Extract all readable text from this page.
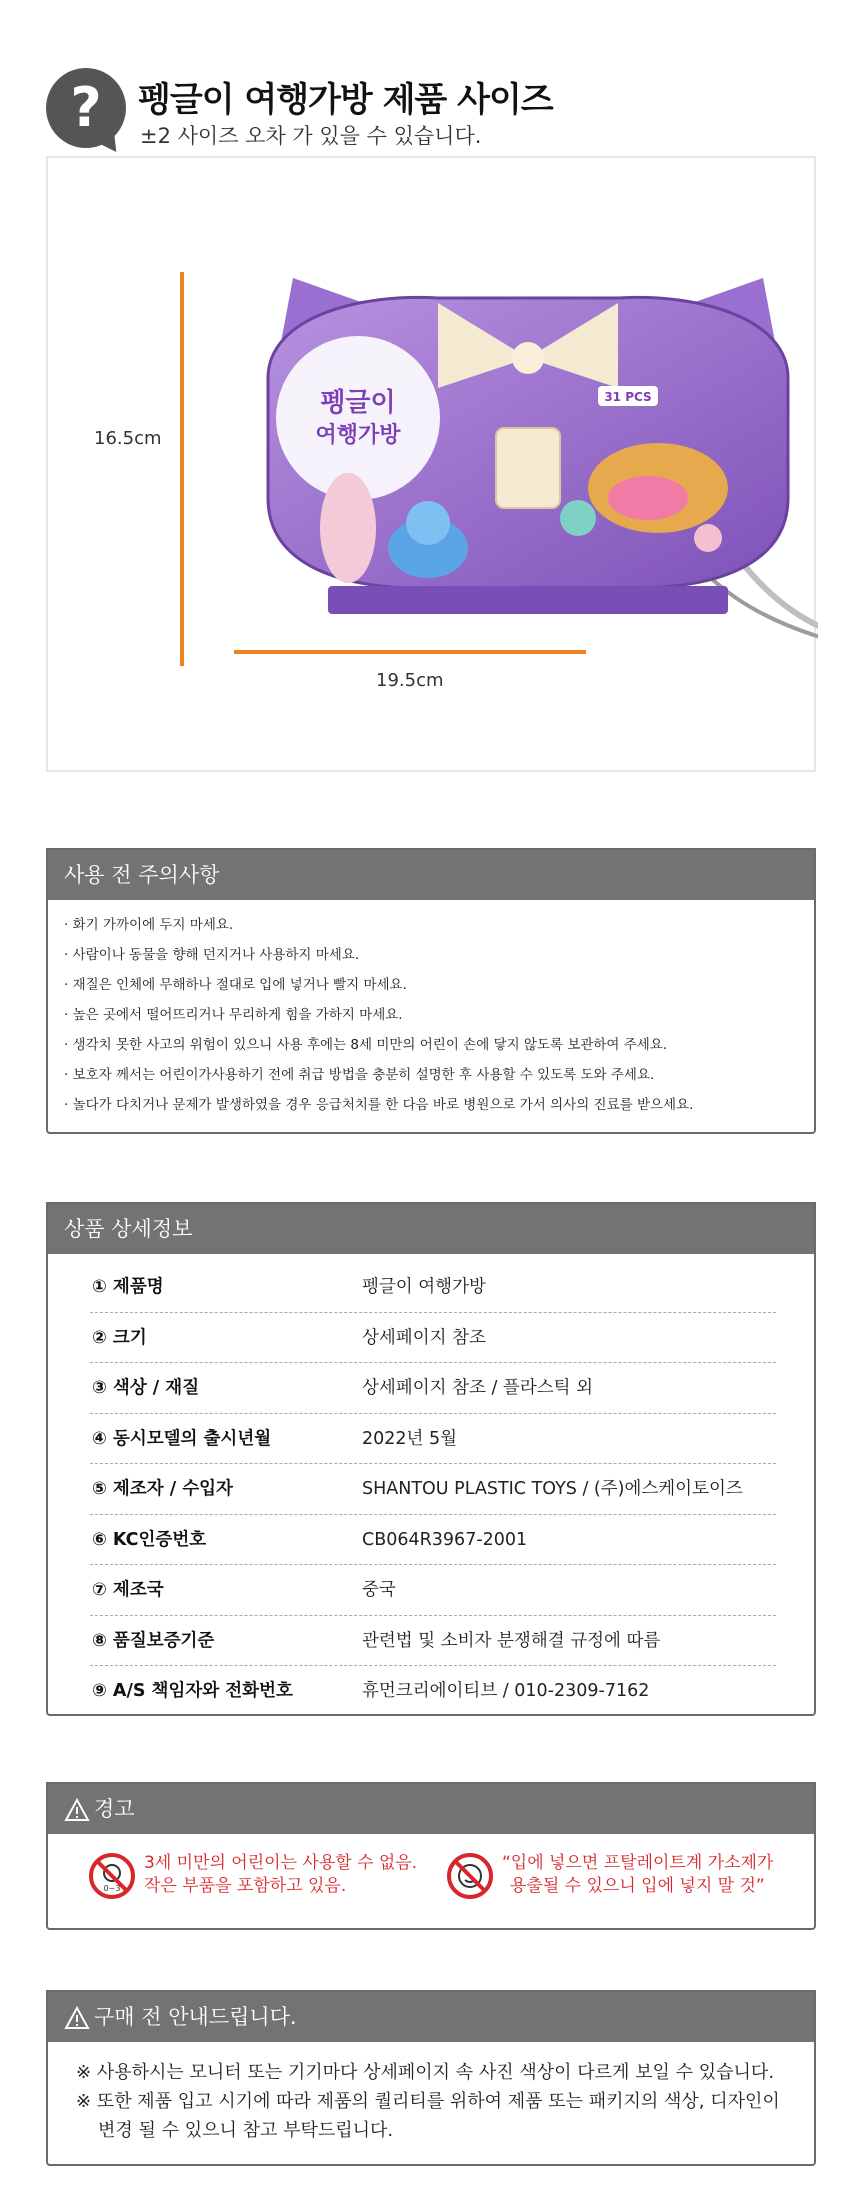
?	펭글이 여행가방 제품 사이즈
±2 사이즈 오차 가 있을 수 있습니다.
16.5cm
19.5cm
펭글이
여행가방
31 PCS
사용 전 주의사항
· 화기 가까이에 두지 마세요.
· 사람이나 동물을 향해 던지거나 사용하지 마세요.
· 재질은 인체에 무해하나 절대로 입에 넣거나 빨지 마세요.
· 높은 곳에서 떨어뜨리거나 무리하게 힘을 가하지 마세요.
· 생각치 못한 사고의 위험이 있으니 사용 후에는 8세 미만의 어린이 손에 닿지 않도록 보관하여 주세요.
· 보호자 께서는 어린이가사용하기 전에 취급 방법을 충분히 설명한 후 사용할 수 있도록 도와 주세요.
· 놀다가 다치거나 문제가 발생하였을 경우 응급처치를 한 다음 바로 병원으로 가서 의사의 진료를 받으세요.
상품 상세정보
① 제품명	펭글이 여행가방
② 크기	상세페이지 참조
③ 색상 / 재질	상세페이지 참조 / 플라스틱 외
④ 동시모델의 출시년월	2022년 5월
⑤ 제조자 / 수입자	SHANTOU PLASTIC TOYS / (주)에스케이토이즈
⑥ KC인증번호	CB064R3967-2001
⑦ 제조국	중국
⑧ 품질보증기준	관련법 및 소비자 분쟁해결 규정에 따름
⑨ A/S 책임자와 전화번호	휴먼크리에이티브 / 010-2309-7162
경고
0~3
3세 미만의 어린이는 사용할 수 없음.
작은 부품을 포함하고 있음.
“입에 넣으면 프탈레이트계 가소제가
용출될 수 있으니 입에 넣지 말 것”
구매 전 안내드립니다.

※ 사용하시는 모니터 또는 기기마다 상세페이지 속 사진 색상이 다르게 보일 수 있습니다.

※ 또한 제품 입고 시기에 따라 제품의 퀄리티를 위하여 제품 또는 패키지의 색상, 디자인이

변경 될 수 있으니 참고 부탁드립니다.
